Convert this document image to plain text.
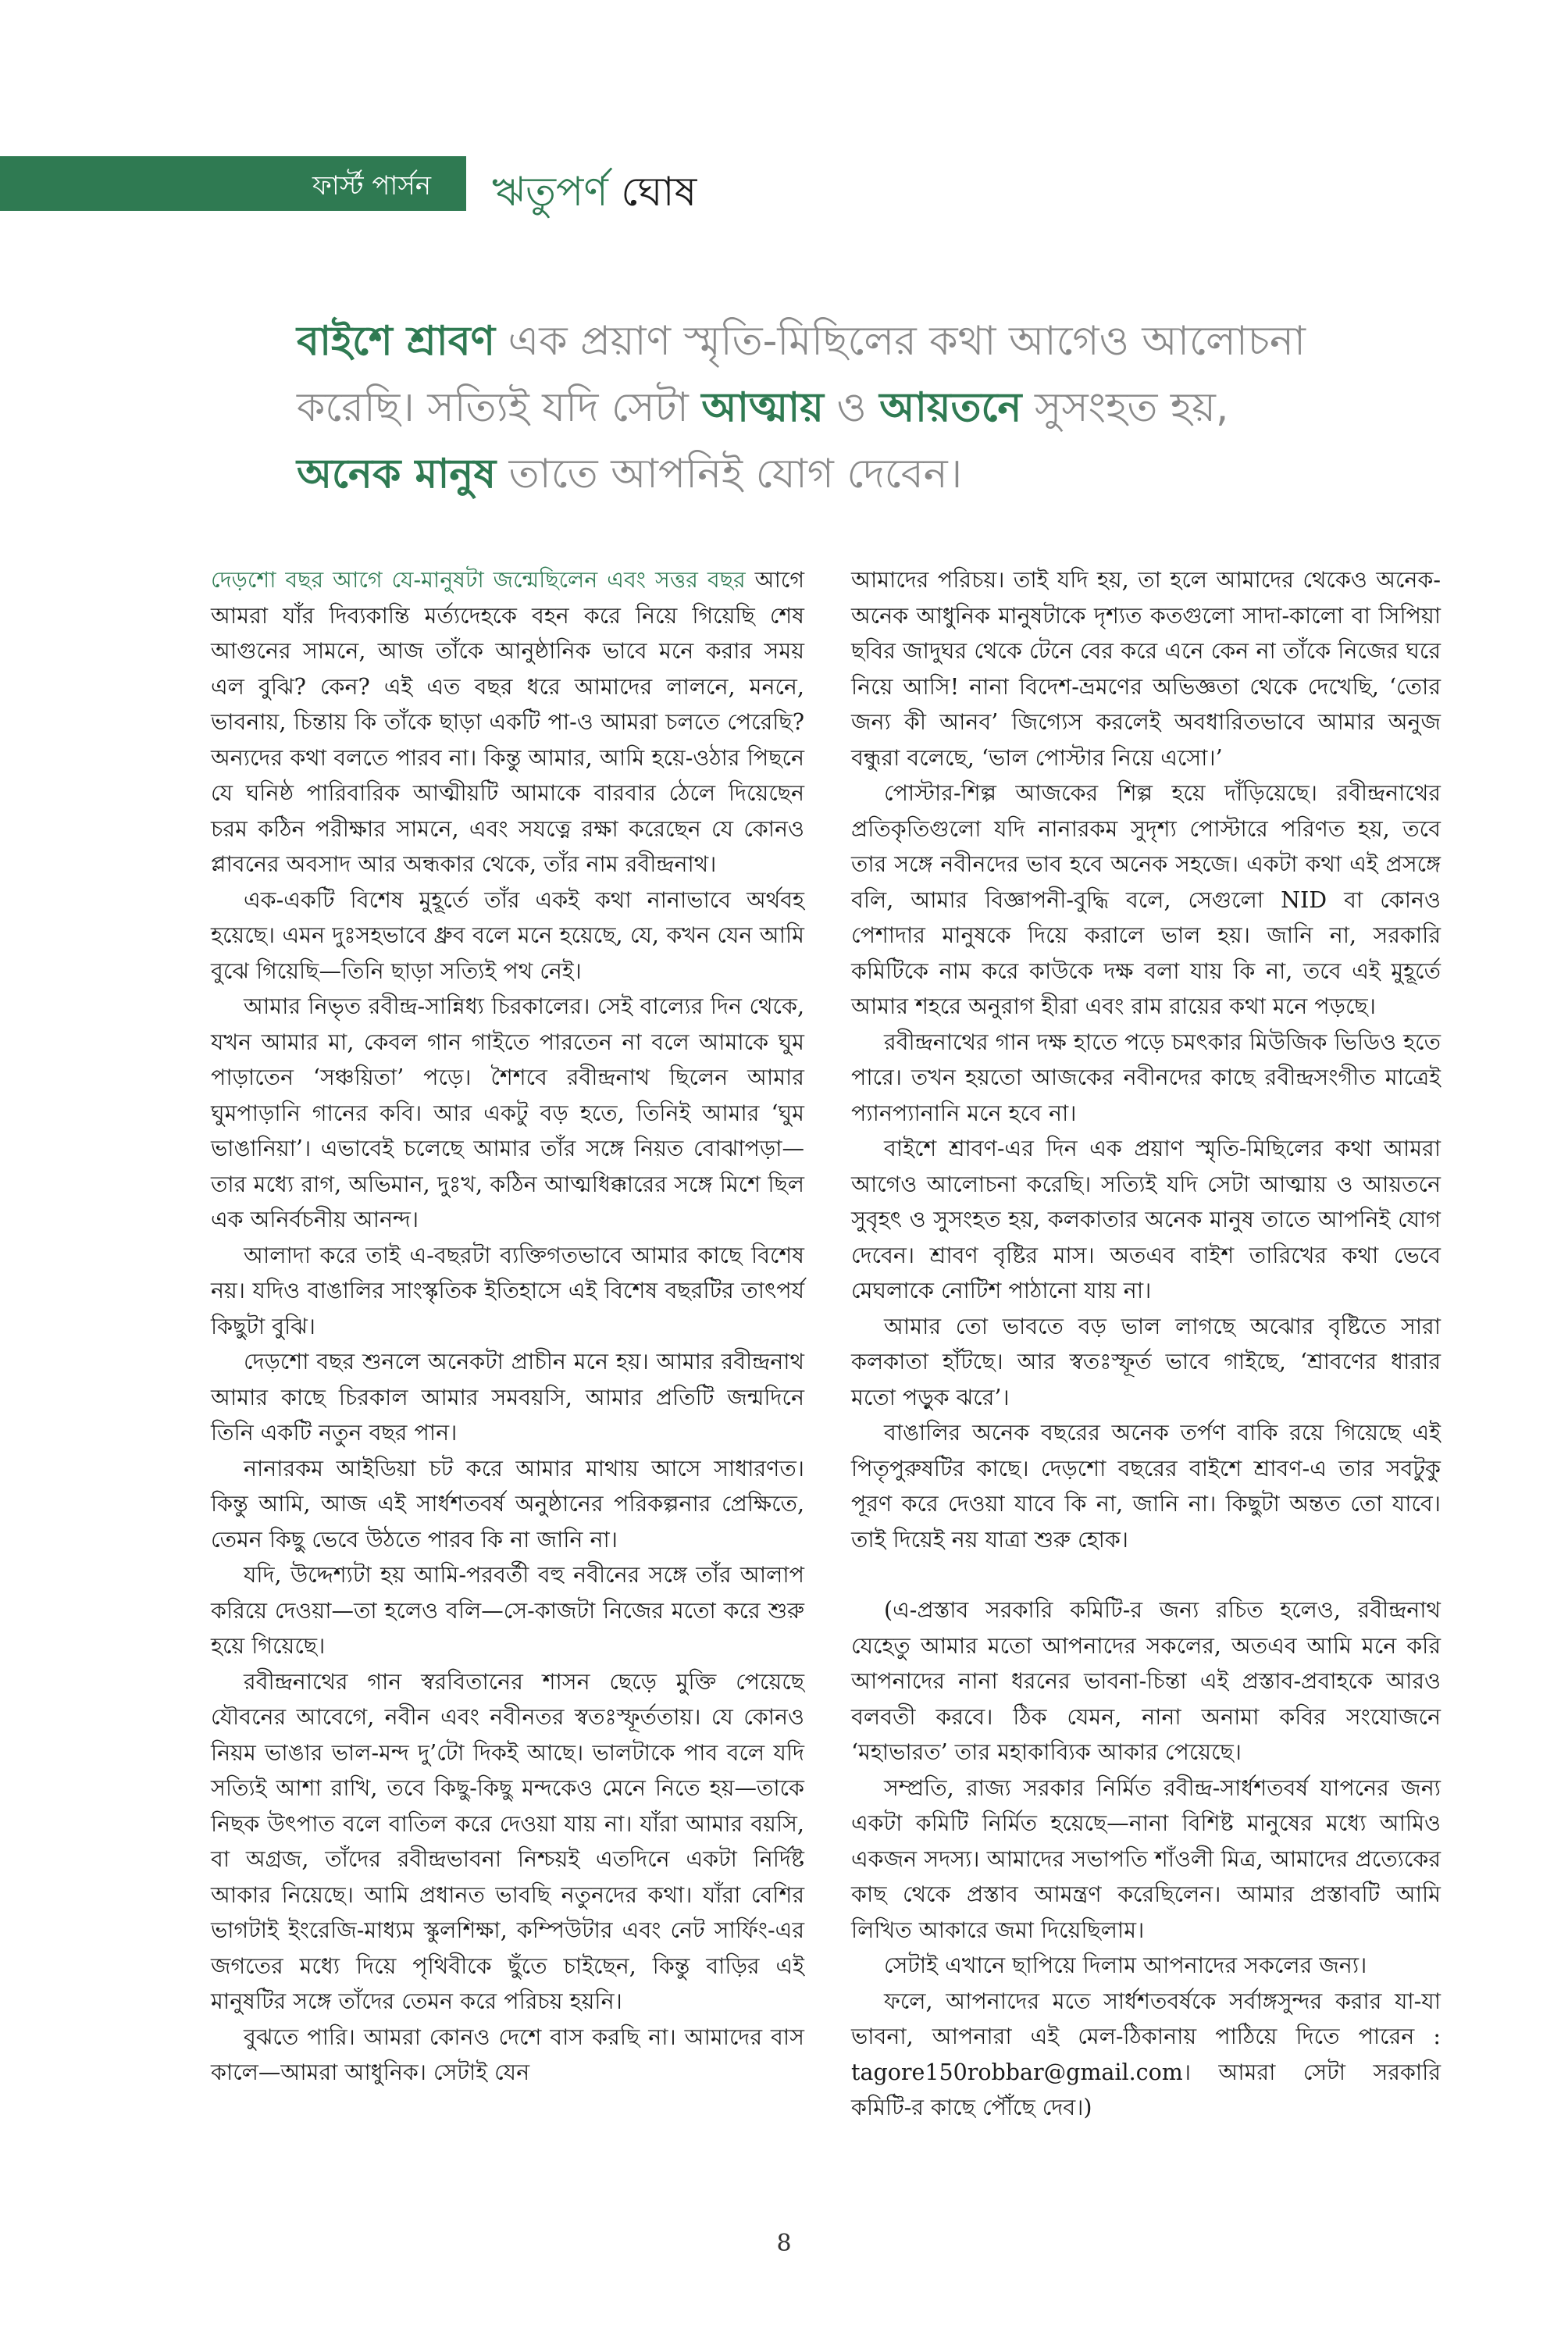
ফার্স্ট পার্সন ঋতুপর্ণ ঘোষ
বাইশে শ্রাবণ এক প্রয়াণ স্মৃতি-মিছিলের কথা আগেও আলোচনা করেছি। সত্যিই যদি সেটা আত্মায় ও আয়তনে সুসংহত হয়, অনেক মানুষ তাতে আপনিই যোগ দেবেন।

দেড়শো বছর আগে যে-মানুষটা জন্মেছিলেন এবং সত্তর বছর আগে আমরা যাঁর দিব্যকান্তি মর্ত্যদেহকে বহন করে নিয়ে গিয়েছি শেষ আগুনের সামনে, আজ তাঁকে আনুষ্ঠানিক ভাবে মনে করার সময় এল বুঝি? কেন? এই এত বছর ধরে আমাদের লালনে, মননে, ভাবনায়, চিন্তায় কি তাঁকে ছাড়া একটি পা-ও আমরা চলতে পেরেছি? অন্যদের কথা বলতে পারব না। কিন্তু আমার, আমি হয়ে-ওঠার পিছনে যে ঘনিষ্ঠ পারিবারিক আত্মীয়টি আমাকে বারবার ঠেলে দিয়েছেন চরম কঠিন পরীক্ষার সামনে, এবং সযত্নে রক্ষা করেছেন যে কোনও প্লাবনের অবসাদ আর অন্ধকার থেকে, তাঁর নাম রবীন্দ্রনাথ।

এক-একটি বিশেষ মুহূর্তে তাঁর একই কথা নানাভাবে অর্থবহ হয়েছে। এমন দুঃসহভাবে ধ্রুব বলে মনে হয়েছে, যে, কখন যেন আমি বুঝে গিয়েছি—তিনি ছাড়া সত্যিই পথ নেই।

আমার নিভৃত রবীন্দ্র-সান্নিধ্য চিরকালের। সেই বাল্যের দিন থেকে, যখন আমার মা, কেবল গান গাইতে পারতেন না বলে আমাকে ঘুম পাড়াতেন ‘সঞ্চয়িতা’ পড়ে। শৈশবে রবীন্দ্রনাথ ছিলেন আমার ঘুমপাড়ানি গানের কবি। আর একটু বড় হতে, তিনিই আমার ‘ঘুম ভাঙানিয়া’। এভাবেই চলেছে আমার তাঁর সঙ্গে নিয়ত বোঝাপড়া—তার মধ্যে রাগ, অভিমান, দুঃখ, কঠিন আত্মধিক্কারের সঙ্গে মিশে ছিল এক অনির্বচনীয় আনন্দ।

আলাদা করে তাই এ-বছরটা ব্যক্তিগতভাবে আমার কাছে বিশেষ নয়। যদিও বাঙালির সাংস্কৃতিক ইতিহাসে এই বিশেষ বছরটির তাৎপর্য কিছুটা বুঝি।

দেড়শো বছর শুনলে অনেকটা প্রাচীন মনে হয়। আমার রবীন্দ্রনাথ আমার কাছে চিরকাল আমার সমবয়সি, আমার প্রতিটি জন্মদিনে তিনি একটি নতুন বছর পান।

নানারকম আইডিয়া চট করে আমার মাথায় আসে সাধারণত। কিন্তু আমি, আজ এই সার্ধশতবর্ষ অনুষ্ঠানের পরিকল্পনার প্রেক্ষিতে, তেমন কিছু ভেবে উঠতে পারব কি না জানি না।

যদি, উদ্দেশ্যটা হয় আমি-পরবর্তী বহু নবীনের সঙ্গে তাঁর আলাপ করিয়ে দেওয়া—তা হলেও বলি—সে-কাজটা নিজের মতো করে শুরু হয়ে গিয়েছে।

রবীন্দ্রনাথের গান স্বরবিতানের শাসন ছেড়ে মুক্তি পেয়েছে যৌবনের আবেগে, নবীন এবং নবীনতর স্বতঃস্ফূর্ততায়। যে কোনও নিয়ম ভাঙার ভাল-মন্দ দু’টো দিকই আছে। ভালটাকে পাব বলে যদি সত্যিই আশা রাখি, তবে কিছু-কিছু মন্দকেও মেনে নিতে হয়—তাকে নিছক উৎপাত বলে বাতিল করে দেওয়া যায় না। যাঁরা আমার বয়সি, বা অগ্রজ, তাঁদের রবীন্দ্রভাবনা নিশ্চয়ই এতদিনে একটা নির্দিষ্ট আকার নিয়েছে। আমি প্রধানত ভাবছি নতুনদের কথা। যাঁরা বেশির ভাগটাই ইংরেজি-মাধ্যম স্কুলশিক্ষা, কম্পিউটার এবং নেট সার্ফিং-এর জগতের মধ্যে দিয়ে পৃথিবীকে ছুঁতে চাইছেন, কিন্তু বাড়ির এই মানুষটির সঙ্গে তাঁদের তেমন করে পরিচয় হয়নি।

বুঝতে পারি। আমরা কোনও দেশে বাস করছি না। আমাদের বাস কালে—আমরা আধুনিক। সেটাই যেন

আমাদের পরিচয়। তাই যদি হয়, তা হলে আমাদের থেকেও অনেক-অনেক আধুনিক মানুষটাকে দৃশ্যত কতগুলো সাদা-কালো বা সিপিয়া ছবির জাদুঘর থেকে টেনে বের করে এনে কেন না তাঁকে নিজের ঘরে নিয়ে আসি! নানা বিদেশ-ভ্রমণের অভিজ্ঞতা থেকে দেখেছি, ‘তোর জন্য কী আনব’ জিগ্যেস করলেই অবধারিতভাবে আমার অনুজ বন্ধুরা বলেছে, ‘ভাল পোস্টার নিয়ে এসো।’

পোস্টার-শিল্প আজকের শিল্প হয়ে দাঁড়িয়েছে। রবীন্দ্রনাথের প্রতিকৃতিগুলো যদি নানারকম সুদৃশ্য পোস্টারে পরিণত হয়, তবে তার সঙ্গে নবীনদের ভাব হবে অনেক সহজে। একটা কথা এই প্রসঙ্গে বলি, আমার বিজ্ঞাপনী-বুদ্ধি বলে, সেগুলো NID বা কোনও পেশাদার মানুষকে দিয়ে করালে ভাল হয়। জানি না, সরকারি কমিটিকে নাম করে কাউকে দক্ষ বলা যায় কি না, তবে এই মুহূর্তে আমার শহরে অনুরাগ হীরা এবং রাম রায়ের কথা মনে পড়ছে।

রবীন্দ্রনাথের গান দক্ষ হাতে পড়ে চমৎকার মিউজিক ভিডিও হতে পারে। তখন হয়তো আজকের নবীনদের কাছে রবীন্দ্রসংগীত মাত্রেই প্যানপ্যানানি মনে হবে না।

বাইশে শ্রাবণ-এর দিন এক প্রয়াণ স্মৃতি-মিছিলের কথা আমরা আগেও আলোচনা করেছি। সত্যিই যদি সেটা আত্মায় ও আয়তনে সুবৃহৎ ও সুসংহত হয়, কলকাতার অনেক মানুষ তাতে আপনিই যোগ দেবেন। শ্রাবণ বৃষ্টির মাস। অতএব বাইশ তারিখের কথা ভেবে মেঘলাকে নোটিশ পাঠানো যায় না।

আমার তো ভাবতে বড় ভাল লাগছে অঝোর বৃষ্টিতে সারা কলকাতা হাঁটছে। আর স্বতঃস্ফূর্ত ভাবে গাইছে, ‘শ্রাবণের ধারার মতো পড়ুক ঝরে’।

বাঙালির অনেক বছরের অনেক তর্পণ বাকি রয়ে গিয়েছে এই পিতৃপুরুষটির কাছে। দেড়শো বছরের বাইশে শ্রাবণ-এ তার সবটুকু পূরণ করে দেওয়া যাবে কি না, জানি না। কিছুটা অন্তত তো যাবে। তাই দিয়েই নয় যাত্রা শুরু হোক।

(এ-প্রস্তাব সরকারি কমিটি-র জন্য রচিত হলেও, রবীন্দ্রনাথ যেহেতু আমার মতো আপনাদের সকলের, অতএব আমি মনে করি আপনাদের নানা ধরনের ভাবনা-চিন্তা এই প্রস্তাব-প্রবাহকে আরও বলবতী করবে। ঠিক যেমন, নানা অনামা কবির সংযোজনে ‘মহাভারত’ তার মহাকাব্যিক আকার পেয়েছে।

সম্প্রতি, রাজ্য সরকার নির্মিত রবীন্দ্র-সার্ধশতবর্ষ যাপনের জন্য একটা কমিটি নির্মিত হয়েছে—নানা বিশিষ্ট মানুষের মধ্যে আমিও একজন সদস্য। আমাদের সভাপতি শাঁওলী মিত্র, আমাদের প্রত্যেকের কাছ থেকে প্রস্তাব আমন্ত্রণ করেছিলেন। আমার প্রস্তাবটি আমি লিখিত আকারে জমা দিয়েছিলাম।

সেটাই এখানে ছাপিয়ে দিলাম আপনাদের সকলের জন্য।

ফলে, আপনাদের মতে সার্ধশতবর্ষকে সর্বাঙ্গসুন্দর করার যা-যা ভাবনা, আপনারা এই মেল-ঠিকানায় পাঠিয়ে দিতে পারেন : tagore150robbar@gmail.com। আমরা সেটা সরকারি কমিটি-র কাছে পৌঁছে দেব।)

8
